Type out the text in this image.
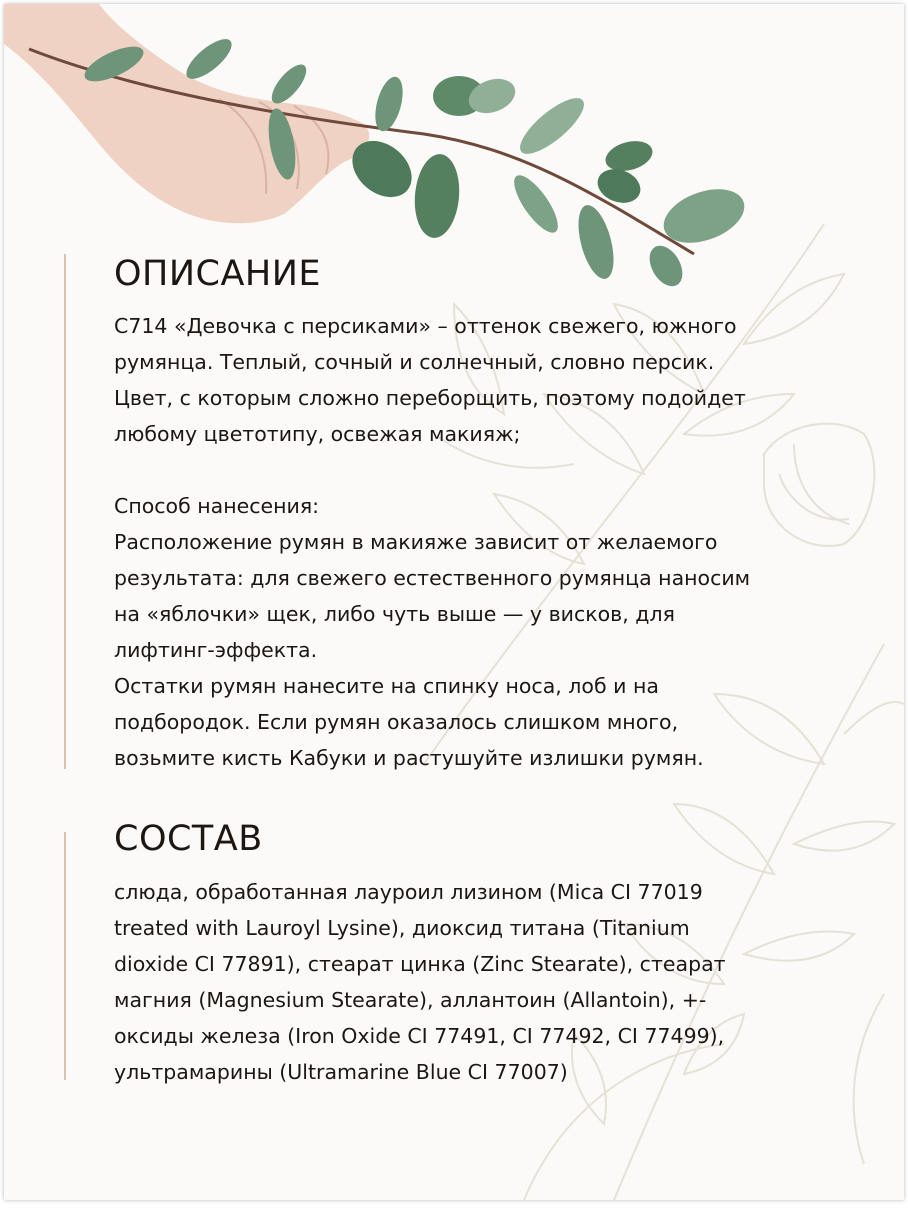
ОПИСАНИЕ
С714 «Девочка с персиками» – оттенок свежего, южного
румянца. Теплый, сочный и солнечный, словно персик.
Цвет, с которым сложно переборщить, поэтому подойдет
любому цветотипу, освежая макияж;

Способ нанесения:
Расположение румян в макияже зависит от желаемого
результата: для свежего естественного румянца наносим
на «яблочки» щек, либо чуть выше — у висков, для
лифтинг-эффекта.
Остатки румян нанесите на спинку носа, лоб и на
подбородок. Если румян оказалось слишком много,
возьмите кисть Кабуки и растушуйте излишки румян.
СОСТАВ
слюда, обработанная лауроил лизином (Mica CI 77019
treated with Lauroyl Lysine), диоксид титана (Titanium
dioxide CI 77891), стеарат цинка (Zinc Stearate), стеарат
магния (Magnesium Stearate), аллантоин (Allantoin), +-
оксиды железа (Iron Oxide CI 77491, CI 77492, CI 77499),
ультрамарины (Ultramarine Blue CI 77007)
